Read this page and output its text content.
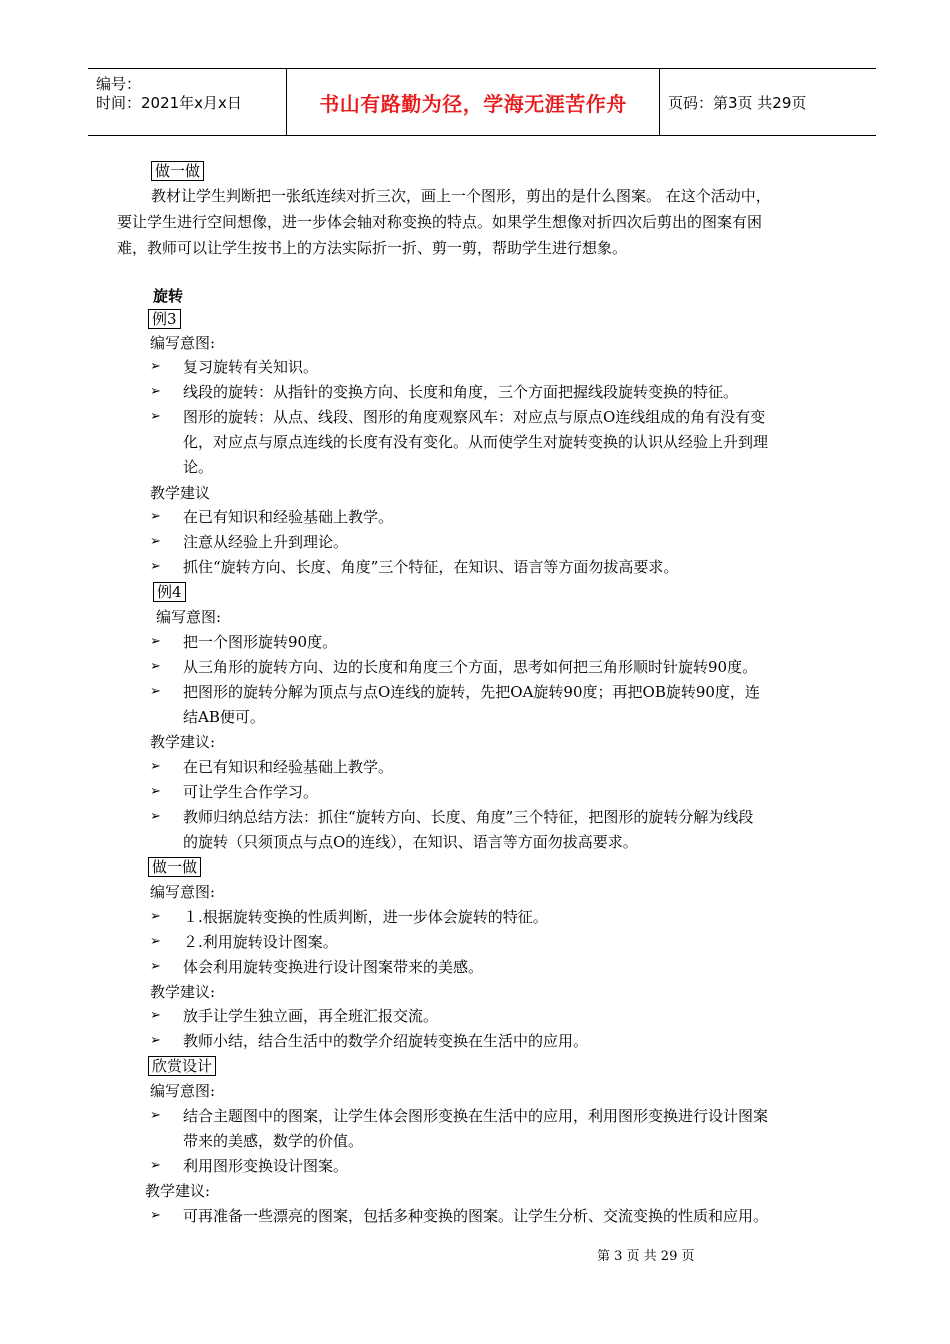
编号：
时间：2021年x月x日	书山有路勤为径，学海无涯苦作舟	页码：第3页 共29页
做一做
教材让学生判断把一张纸连续对折三次，画上一个图形，剪出的是什么图案。 在这个活动中，
要让学生进行空间想像，进一步体会轴对称变换的特点。如果学生想像对折四次后剪出的图案有困
难，教师可以让学生按书上的方法实际折一折、剪一剪，帮助学生进行想象。
旋转
例3
编写意图:
➢ 复习旋转有关知识。
➢ 线段的旋转：从指针的变换方向、长度和角度，三个方面把握线段旋转变换的特征。
➢ 图形的旋转：从点、线段、图形的角度观察风车：对应点与原点O连线组成的角有没有变
化，对应点与原点连线的长度有没有变化。从而使学生对旋转变换的认识从经验上升到理
论。
教学建议
➢ 在已有知识和经验基础上教学。
➢ 注意从经验上升到理论。
➢ 抓住“旋转方向、长度、角度”三个特征，在知识、语言等方面勿拔高要求。
例4
编写意图:
➢ 把一个图形旋转90度。
➢ 从三角形的旋转方向、边的长度和角度三个方面，思考如何把三角形顺时针旋转90度。
➢ 把图形的旋转分解为顶点与点O连线的旋转，先把OA旋转90度；再把OB旋转90度，连
结AB便可。
教学建议:
➢ 在已有知识和经验基础上教学。
➢ 可让学生合作学习。
➢ 教师归纳总结方法：抓住“旋转方向、长度、角度”三个特征，把图形的旋转分解为线段
的旋转（只须顶点与点O的连线），在知识、语言等方面勿拔高要求。
做一做
编写意图:
➢ １.根据旋转变换的性质判断，进一步体会旋转的特征。
➢ ２.利用旋转设计图案。
➢ 体会利用旋转变换进行设计图案带来的美感。
教学建议:
➢ 放手让学生独立画，再全班汇报交流。
➢ 教师小结，结合生活中的数学介绍旋转变换在生活中的应用。
欣赏设计
编写意图:
➢ 结合主题图中的图案，让学生体会图形变换在生活中的应用，利用图形变换进行设计图案
带来的美感，数学的价值。
➢ 利用图形变换设计图案。
教学建议:
➢ 可再准备一些漂亮的图案，包括多种变换的图案。让学生分析、交流变换的性质和应用。
第 3 页 共 29 页
